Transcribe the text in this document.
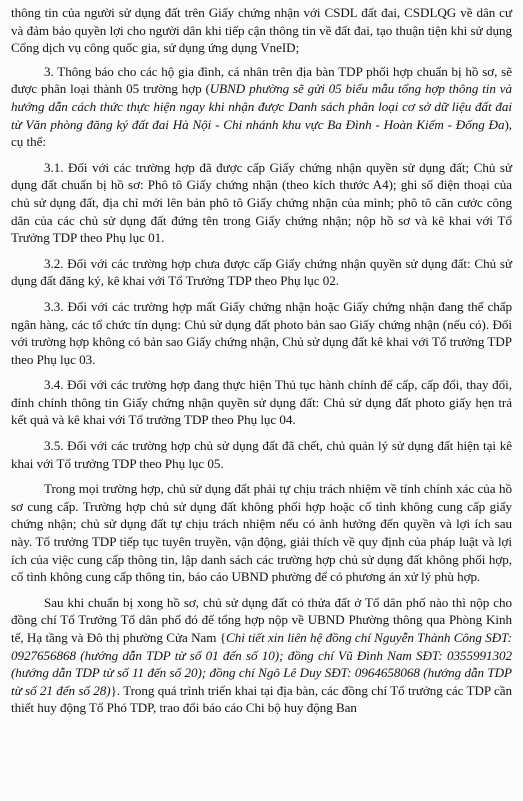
thông tin của người sử dụng đất trên Giấy chứng nhận với CSDL đất đai, CSDLQG về dân cư và đảm bảo quyền lợi cho người dân khi tiếp cận thông tin về đất đai, tạo thuận tiện khi sử dụng Cổng dịch vụ công quốc gia, sử dụng ứng dụng VneID;

3. Thông báo cho các hộ gia đình, cá nhân trên địa bàn TDP phối hợp chuẩn bị hồ sơ, sẽ được phân loại thành 05 trường hợp (UBND phường sẽ gửi 05 biểu mẫu tổng hợp thông tin và hướng dẫn cách thức thực hiện ngay khi nhận được Danh sách phân loại cơ sở dữ liệu đất đai từ Văn phòng đăng ký đất đai Hà Nội - Chi nhánh khu vực Ba Đình - Hoàn Kiếm - Đống Đa), cụ thể:

3.1. Đối với các trường hợp đã được cấp Giấy chứng nhận quyền sử dụng đất; Chủ sử dụng đất chuẩn bị hồ sơ: Phô tô Giấy chứng nhận (theo kích thước A4); ghi số điện thoại của chủ sử dụng đất, địa chỉ mới lên bản phô tô Giấy chứng nhận của mình; phô tô căn cước công dân của các chủ sử dụng đất đứng tên trong Giấy chứng nhận; nộp hồ sơ và kê khai với Tổ Trưởng TDP theo Phụ lục 01.

3.2. Đối với các trường hợp chưa được cấp Giấy chứng nhận quyền sử dụng đất: Chủ sử dụng đất đăng ký, kê khai với Tổ Trưởng TDP theo Phụ lục 02.

3.3. Đối với các trường hợp mất Giấy chứng nhận hoặc Giấy chứng nhận đang thế chấp ngân hàng, các tổ chức tín dụng: Chủ sử dụng đất photo bản sao Giấy chứng nhận (nếu có). Đối với trường hợp không có bản sao Giấy chứng nhận, Chủ sử dụng đất kê khai với Tổ trưởng TDP theo Phụ lục 03.

3.4. Đối với các trường hợp đang thực hiện Thủ tục hành chính để cấp, cấp đổi, thay đổi, đính chính thông tin Giấy chứng nhận quyền sử dụng đất: Chủ sử dụng đất photo giấy hẹn trả kết quả và kê khai với Tổ trưởng TDP theo Phụ lục 04.

3.5. Đối với các trường hợp chủ sử dụng đất đã chết, chủ quản lý sử dụng đất hiện tại kê khai với Tổ trưởng TDP theo Phụ lục 05.

Trong mọi trường hợp, chủ sử dụng đất phải tự chịu trách nhiệm về tính chính xác của hồ sơ cung cấp. Trường hợp chủ sử dụng đất không phối hợp hoặc cố tình không cung cấp giấy chứng nhận; chủ sử dụng đất tự chịu trách nhiệm nếu có ảnh hưởng đến quyền và lợi ích sau này. Tổ trưởng TDP tiếp tục tuyên truyền, vận động, giải thích về quy định của pháp luật và lợi ích của việc cung cấp thông tin, lập danh sách các trường hợp chủ sử dụng đất không phối hợp, cố tình không cung cấp thông tin, báo cáo UBND phường để có phương án xử lý phù hợp.

Sau khi chuẩn bị xong hồ sơ, chủ sử dụng đất có thửa đất ở Tổ dân phố nào thì nộp cho đồng chí Tổ Trưởng Tổ dân phố đó để tổng hợp nộp về UBND Phường thông qua Phòng Kinh tế, Hạ tầng và Đô thị phường Cửa Nam {Chi tiết xin liên hệ đồng chí Nguyễn Thành Công SĐT: 0927656868 (hướng dẫn TDP từ số 01 đến số 10); đồng chí Vũ Đình Nam SĐT: 0355991302 (hướng dẫn TDP từ số 11 đến số 20); đồng chí Ngô Lê Duy SĐT: 0964658068 (hướng dẫn TDP từ số 21 đến số 28)}. Trong quá trình triển khai tại địa bàn, các đồng chí Tổ trưởng các TDP cần thiết huy động Tổ Phó TDP, trao đổi báo cáo Chi bộ huy động Ban
